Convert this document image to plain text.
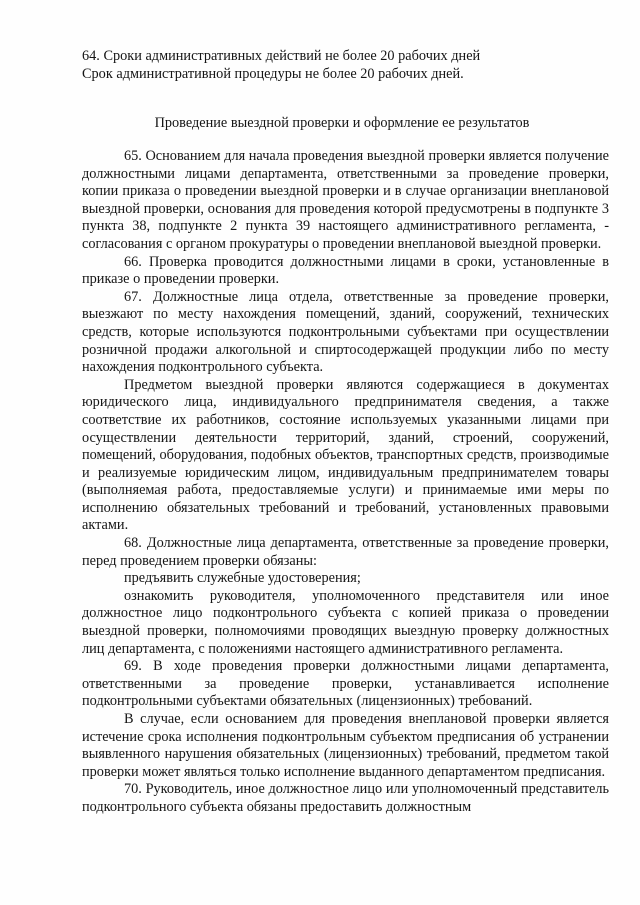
64. Сроки административных действий не более 20 рабочих дней

Срок административной процедуры не более 20 рабочих дней.

Проведение выездной проверки и оформление ее результатов

65. Основанием для начала проведения выездной проверки является получение должностными лицами департамента, ответственными за проведение проверки, копии приказа о проведении выездной проверки и в случае организации внеплановой выездной проверки, основания для проведения которой предусмотрены в подпункте 3 пункта 38, подпункте 2 пункта 39 настоящего административного регламента, - согласования с органом прокуратуры о проведении внеплановой выездной проверки.

66. Проверка проводится должностными лицами в сроки, установленные в приказе о проведении проверки.

67. Должностные лица отдела, ответственные за проведение проверки, выезжают по месту нахождения помещений, зданий, сооружений, технических средств, которые используются подконтрольными субъектами при осуществлении розничной продажи алкогольной и спиртосодержащей продукции либо по месту нахождения подконтрольного субъекта.

Предметом выездной проверки являются содержащиеся в документах юридического лица, индивидуального предпринимателя сведения, а также соответствие их работников, состояние используемых указанными лицами при осуществлении деятельности территорий, зданий, строений, сооружений, помещений, оборудования, подобных объектов, транспортных средств, производимые и реализуемые юридическим лицом, индивидуальным предпринимателем товары (выполняемая работа, предоставляемые услуги) и принимаемые ими меры по исполнению обязательных требований и требований, установленных правовыми актами.

68. Должностные лица департамента, ответственные за проведение проверки, перед проведением проверки обязаны:

предъявить служебные удостоверения;

ознакомить руководителя, уполномоченного представителя или иное должностное лицо подконтрольного субъекта с копией приказа о проведении выездной проверки, полномочиями проводящих выездную проверку должностных лиц департамента, с положениями настоящего административного регламента.

69. В ходе проведения проверки должностными лицами департамента, ответственными за проведение проверки, устанавливается исполнение подконтрольными субъектами обязательных (лицензионных) требований.

В случае, если основанием для проведения внеплановой проверки является истечение срока исполнения подконтрольным субъектом предписания об устранении выявленного нарушения обязательных (лицензионных) требований, предметом такой проверки может являться только исполнение выданного департаментом предписания.

70. Руководитель, иное должностное лицо или уполномоченный представитель подконтрольного субъекта обязаны предоставить должностным
